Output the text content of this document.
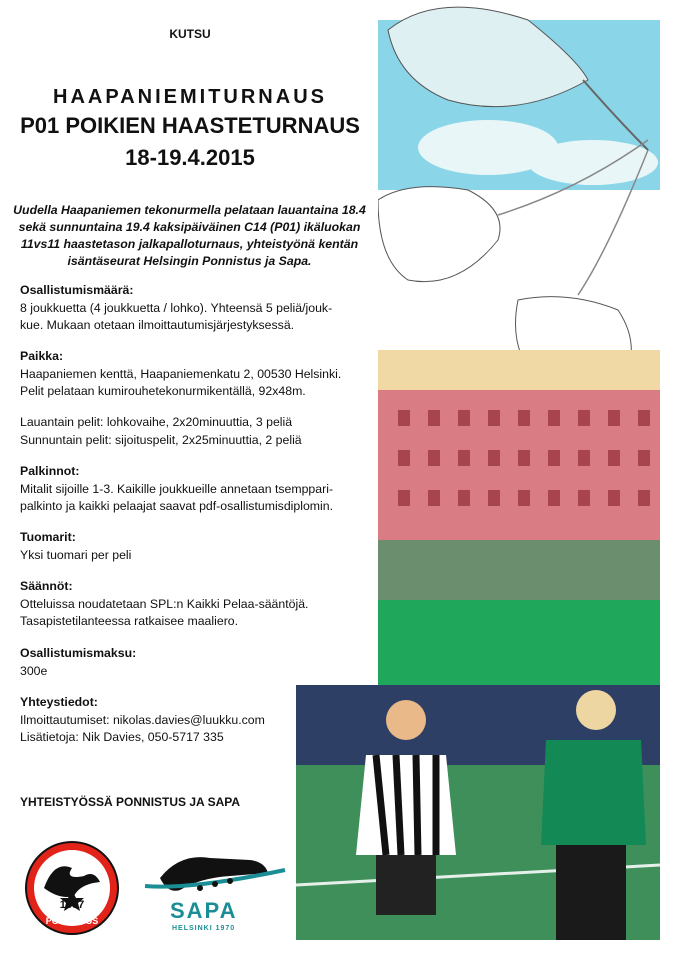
KUTSU
HAAPANIEMITURNAUS
P01 POIKIEN HAASTETURNAUS
18-19.4.2015
Uudella Haapaniemen tekonurmella pelataan lauantaina 18.4
sekä sunnuntaina 19.4 kaksipäiväinen C14 (P01) ikäluokan
11vs11 haastetason jalkapalloturnaus, yhteistyönä kentän
isäntäseurat Helsingin Ponnistus ja Sapa.

Osallistumismäärä:

8 joukkuetta (4 joukkuetta / lohko). Yhteensä 5 peliä/jouk-

kue. Mukaan otetaan ilmoittautumisjärjestyksessä.

Paikka:

Haapaniemen kenttä, Haapaniemenkatu 2, 00530 Helsinki.

Pelit pelataan kumirouhetekonurmikentällä, 92x48m.

Lauantain pelit: lohkovaihe, 2x20minuuttia, 3 peliä

Sunnuntain pelit: sijoituspelit, 2x25minuuttia, 2 peliä

Palkinnot:

Mitalit sijoille 1-3. Kaikille joukkueille annetaan tsemppari-

palkinto ja kaikki pelaajat saavat pdf-osallistumisdiplomin.

Tuomarit:

Yksi tuomari per peli

Säännöt:

Otteluissa noudatetaan SPL:n Kaikki Pelaa-sääntöjä.

Tasapistetilanteessa ratkaisee maaliero.

Osallistumismaksu:

300e

Yhteystiedot:

Ilmoittautumiset: nikolas.davies@luukku.com

Lisätietoja: Nik Davies, 050-5717 335

YHTEISTYÖSSÄ PONNISTUS JA SAPA
1887
PONNISTUS	SAPA
HELSINKI 1970
